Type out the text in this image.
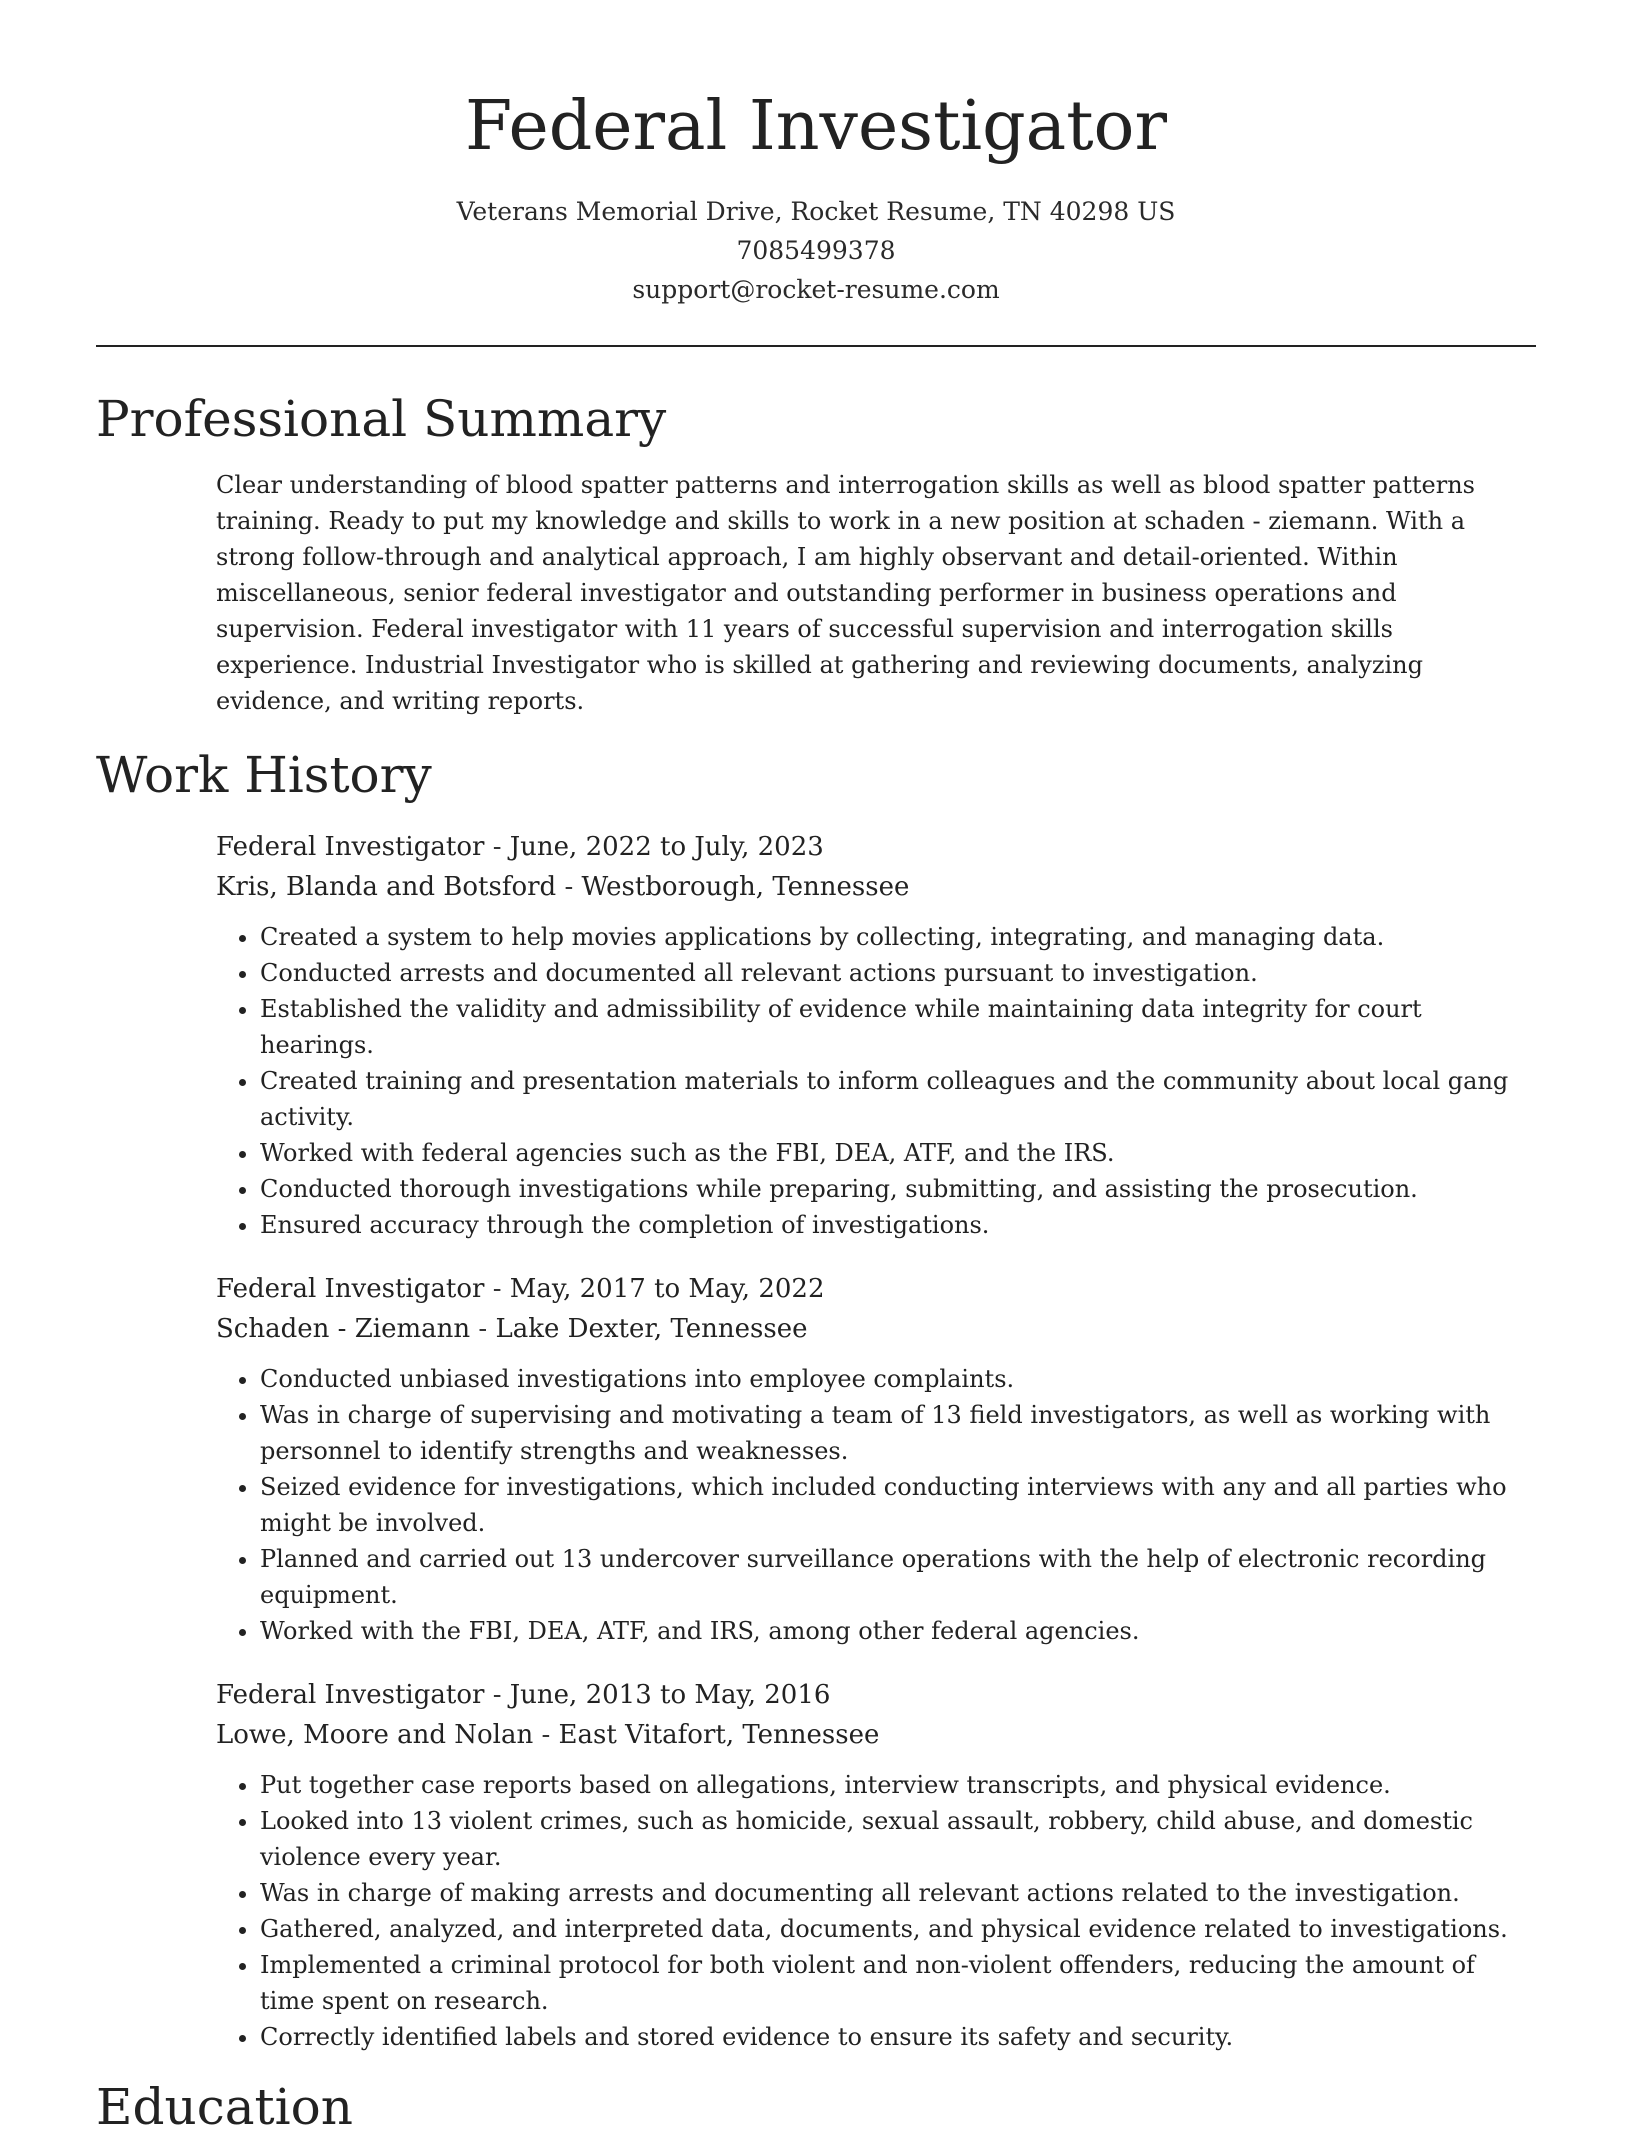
Federal Investigator

Veterans Memorial Drive, Rocket Resume, TN 40298 US

7085499378

support@rocket-resume.com

Professional Summary

Clear understanding of blood spatter patterns and interrogation skills as well as blood spatter patterns training. Ready to put my knowledge and skills to work in a new position at schaden - ziemann. With a strong follow-through and analytical approach, I am highly observant and detail-oriented. Within miscellaneous, senior federal investigator and outstanding performer in business operations and supervision. Federal investigator with 11 years of successful supervision and interrogation skills experience. Industrial Investigator who is skilled at gathering and reviewing documents, analyzing evidence, and writing reports.

Work History

Federal Investigator - June, 2022 to July, 2023

Kris, Blanda and Botsford - Westborough, Tennessee

• Created a system to help movies applications by collecting, integrating, and managing data.
• Conducted arrests and documented all relevant actions pursuant to investigation.
• Established the validity and admissibility of evidence while maintaining data integrity for court hearings.
• Created training and presentation materials to inform colleagues and the community about local gang activity.
• Worked with federal agencies such as the FBI, DEA, ATF, and the IRS.
• Conducted thorough investigations while preparing, submitting, and assisting the prosecution.
• Ensured accuracy through the completion of investigations.

Federal Investigator - May, 2017 to May, 2022

Schaden - Ziemann - Lake Dexter, Tennessee

• Conducted unbiased investigations into employee complaints.
• Was in charge of supervising and motivating a team of 13 field investigators, as well as working with personnel to identify strengths and weaknesses.
• Seized evidence for investigations, which included conducting interviews with any and all parties who might be involved.
• Planned and carried out 13 undercover surveillance operations with the help of electronic recording equipment.
• Worked with the FBI, DEA, ATF, and IRS, among other federal agencies.

Federal Investigator - June, 2013 to May, 2016

Lowe, Moore and Nolan - East Vitafort, Tennessee

• Put together case reports based on allegations, interview transcripts, and physical evidence.
• Looked into 13 violent crimes, such as homicide, sexual assault, robbery, child abuse, and domestic violence every year.
• Was in charge of making arrests and documenting all relevant actions related to the investigation.
• Gathered, analyzed, and interpreted data, documents, and physical evidence related to investigations.
• Implemented a criminal protocol for both violent and non-violent offenders, reducing the amount of time spent on research.
• Correctly identified labels and stored evidence to ensure its safety and security.
Education
